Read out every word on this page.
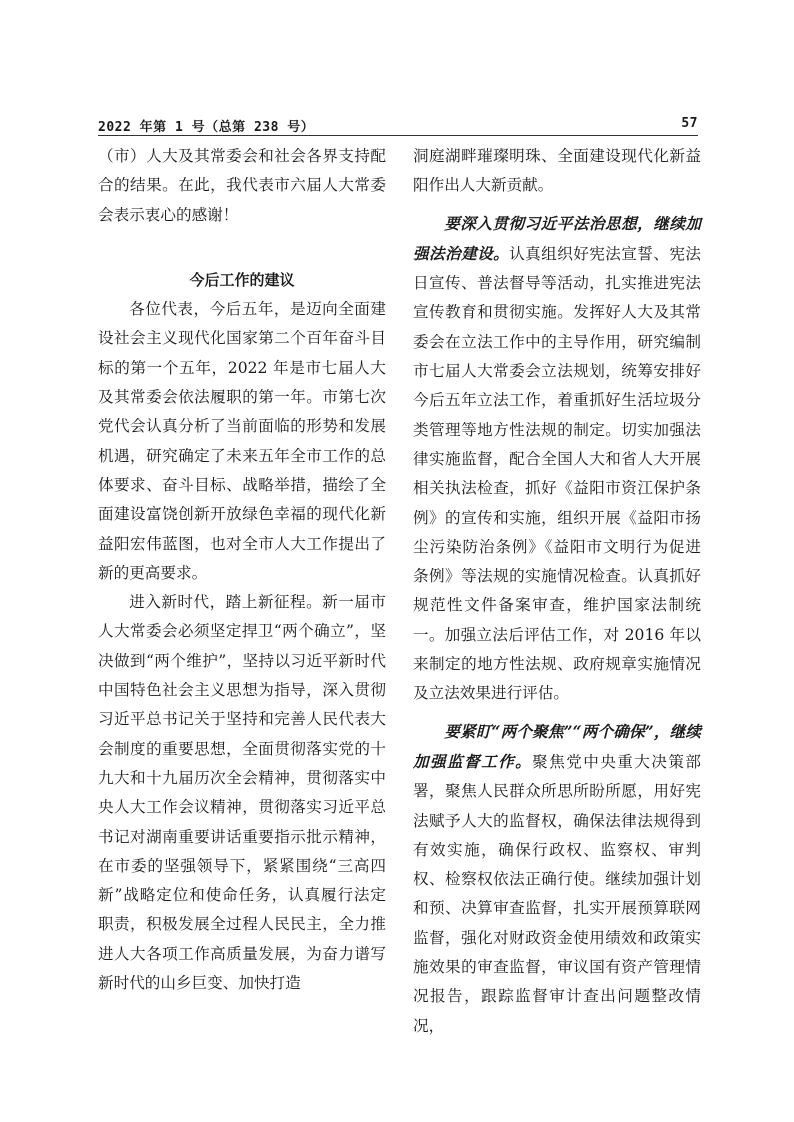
2022 年第 1 号（总第 238 号）	57

（市）人大及其常委会和社会各界支持配合的结果。在此，我代表市六届人大常委会表示衷心的感谢！

今后工作的建议

各位代表，今后五年，是迈向全面建设社会主义现代化国家第二个百年奋斗目标的第一个五年，2022 年是市七届人大及其常委会依法履职的第一年。市第七次党代会认真分析了当前面临的形势和发展机遇，研究确定了未来五年全市工作的总体要求、奋斗目标、战略举措，描绘了全面建设富饶创新开放绿色幸福的现代化新益阳宏伟蓝图，也对全市人大工作提出了新的更高要求。

进入新时代，踏上新征程。新一届市人大常委会必须坚定捍卫“两个确立”，坚决做到“两个维护”，坚持以习近平新时代中国特色社会主义思想为指导，深入贯彻习近平总书记关于坚持和完善人民代表大会制度的重要思想，全面贯彻落实党的十九大和十九届历次全会精神，贯彻落实中央人大工作会议精神，贯彻落实习近平总书记对湖南重要讲话重要指示批示精神，在市委的坚强领导下，紧紧围绕“三高四新”战略定位和使命任务，认真履行法定职责，积极发展全过程人民民主，全力推进人大各项工作高质量发展，为奋力谱写新时代的山乡巨变、加快打造

洞庭湖畔璀璨明珠、全面建设现代化新益阳作出人大新贡献。

要深入贯彻习近平法治思想，继续加强法治建设。认真组织好宪法宣誓、宪法日宣传、普法督导等活动，扎实推进宪法宣传教育和贯彻实施。发挥好人大及其常委会在立法工作中的主导作用，研究编制市七届人大常委会立法规划，统筹安排好今后五年立法工作，着重抓好生活垃圾分类管理等地方性法规的制定。切实加强法律实施监督，配合全国人大和省人大开展相关执法检查，抓好《益阳市资江保护条例》的宣传和实施，组织开展《益阳市扬尘污染防治条例》《益阳市文明行为促进条例》等法规的实施情况检查。认真抓好规范性文件备案审查，维护国家法制统一。加强立法后评估工作，对 2016 年以来制定的地方性法规、政府规章实施情况及立法效果进行评估。

要紧盯“两个聚焦”“两个确保”，继续加强监督工作。聚焦党中央重大决策部署，聚焦人民群众所思所盼所愿，用好宪法赋予人大的监督权，确保法律法规得到有效实施，确保行政权、监察权、审判权、检察权依法正确行使。继续加强计划和预、决算审查监督，扎实开展预算联网监督，强化对财政资金使用绩效和政策实施效果的审查监督，审议国有资产管理情况报告，跟踪监督审计查出问题整改情况，
